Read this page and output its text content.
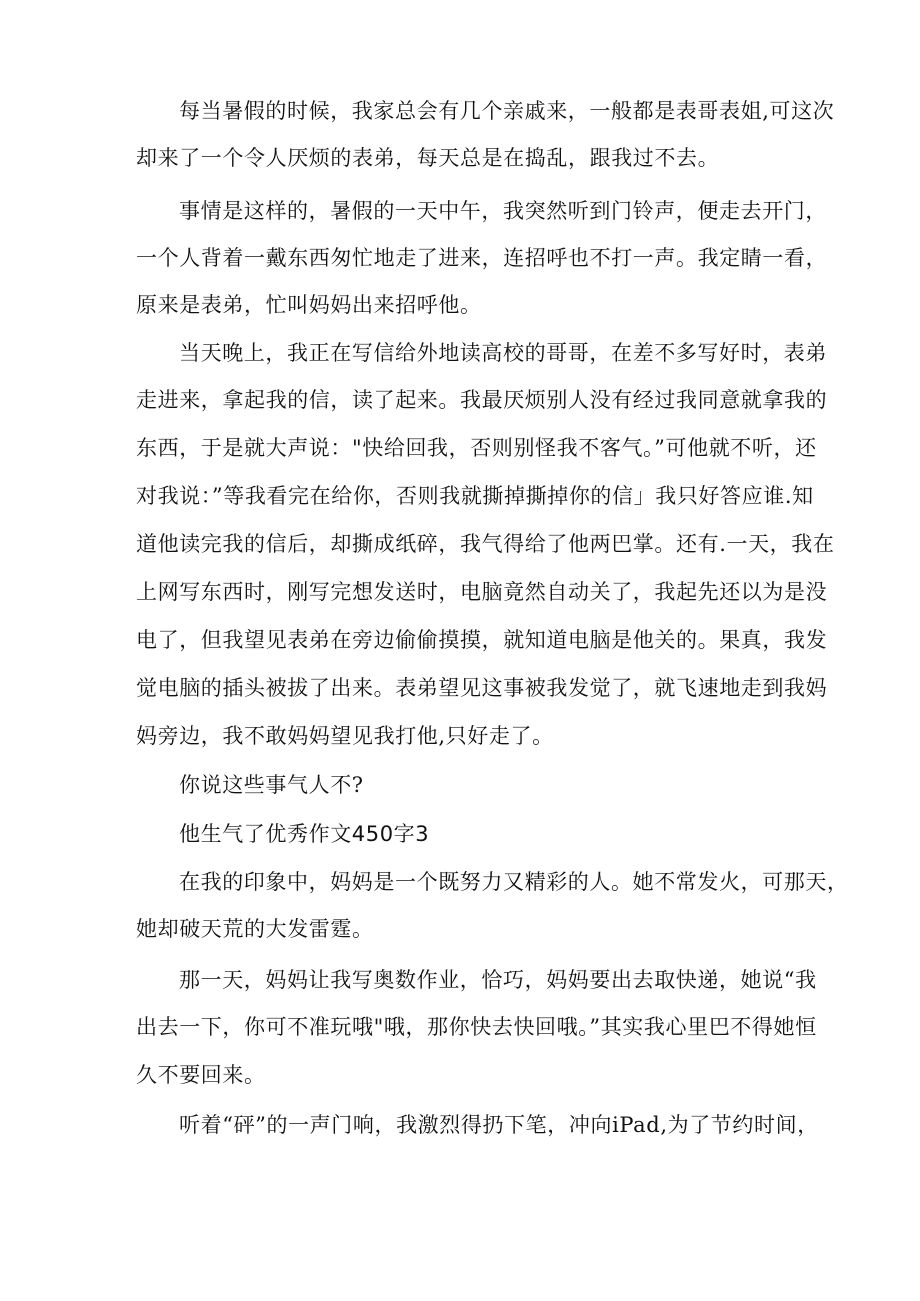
每当暑假的时候，我家总会有几个亲戚来，一般都是表哥表姐,可这次
却来了一个令人厌烦的表弟，每天总是在捣乱，跟我过不去。
事情是这样的，暑假的一天中午，我突然听到门铃声，便走去开门，
一个人背着一戴东西匆忙地走了进来，连招呼也不打一声。我定睛一看，
原来是表弟，忙叫妈妈出来招呼他。
当天晚上，我正在写信给外地读高校的哥哥，在差不多写好时，表弟
走进来，拿起我的信，读了起来。我最厌烦别人没有经过我同意就拿我的
东西，于是就大声说："快给回我，否则别怪我不客气。”可他就不听，还
对我说：”等我看完在给你，否则我就撕掉撕掉你的信」我只好答应谁.知
道他读完我的信后，却撕成纸碎，我气得给了他两巴掌。还有.一天，我在
上网写东西时，刚写完想发送时，电脑竟然自动关了，我起先还以为是没
电了，但我望见表弟在旁边偷偷摸摸，就知道电脑是他关的。果真，我发
觉电脑的插头被拔了出来。表弟望见这事被我发觉了，就飞速地走到我妈
妈旁边，我不敢妈妈望见我打他,只好走了。
你说这些事气人不?
他生气了优秀作文450字3
在我的印象中，妈妈是一个既努力又精彩的人。她不常发火，可那天，
她却破天荒的大发雷霆。
那一天，妈妈让我写奥数作业，恰巧，妈妈要出去取快递，她说“我
出去一下，你可不准玩哦"哦，那你快去快回哦。”其实我心里巴不得她恒
久不要回来。
听着“砰”的一声门响，我激烈得扔下笔，冲向iPad,为了节约时间，
